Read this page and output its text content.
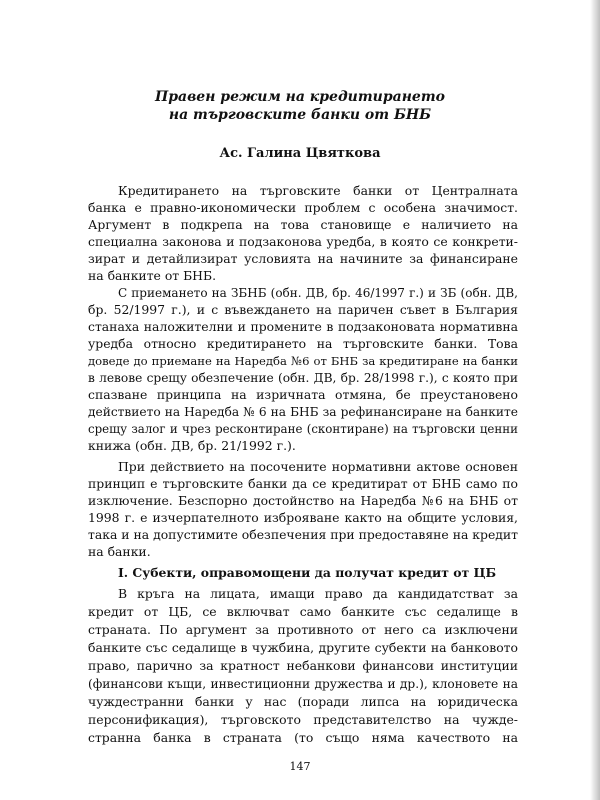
Правен режим на кредитирането
на търговските банки от БНБ
Ас. Галина Цвяткова
Кредитирането на търговските банки от Централната
банка е правно-икономически проблем с особена значимост.
Аргумент в подкрепа на това становище е наличието на
специална законова и подзаконова уредба, в която се конкрети-
зират и детайлизират условията на начините за финансиране
на банките от БНБ.
С приемането на ЗБНБ (обн. ДВ, бр. 46/1997 г.) и ЗБ (обн. ДВ,
бр. 52/1997 г.), и с въвеждането на паричен съвет в България
станаха наложителни и промените в подзаконовата нормативна
уредба относно кредитирането на търговските банки. Това
доведе до приемане на Наредба №6 от БНБ за кредитиране на банки
в левове срещу обезпечение (обн. ДВ, бр. 28/1998 г.), с която при
спазване принципа на изричната отмяна, бе преустановено
действието на Наредба № 6 на БНБ за рефинансиране на банките
срещу залог и чрез ресконтиране (сконтиране) на търговски ценни
книжа (обн. ДВ, бр. 21/1992 г.).
При действието на посочените нормативни актове основен
принцип е търговските банки да се кредитират от БНБ само по
изключение. Безспорно достойнство на Наредба №6 на БНБ от
1998 г. е изчерпателното изброяване както на общите условия,
така и на допустимите обезпечения при предоставяне на кредит
на банки.
I. Субекти, оправомощени да получат кредит от ЦБ
В кръга на лицата, имащи право да кандидатстват за
кредит от ЦБ, се включват само банките със седалище в
страната. По аргумент за противното от него са изключени
банките със седалище в чужбина, другите субекти на банковото
право, парично за кратност небанкови финансови институции
(финансови къщи, инвестиционни дружества и др.), клоновете на
чуждестранни банки у нас (поради липса на юридическа
персонификация), търговското представителство на чужде-
странна банка в страната (то също няма качеството на
147
